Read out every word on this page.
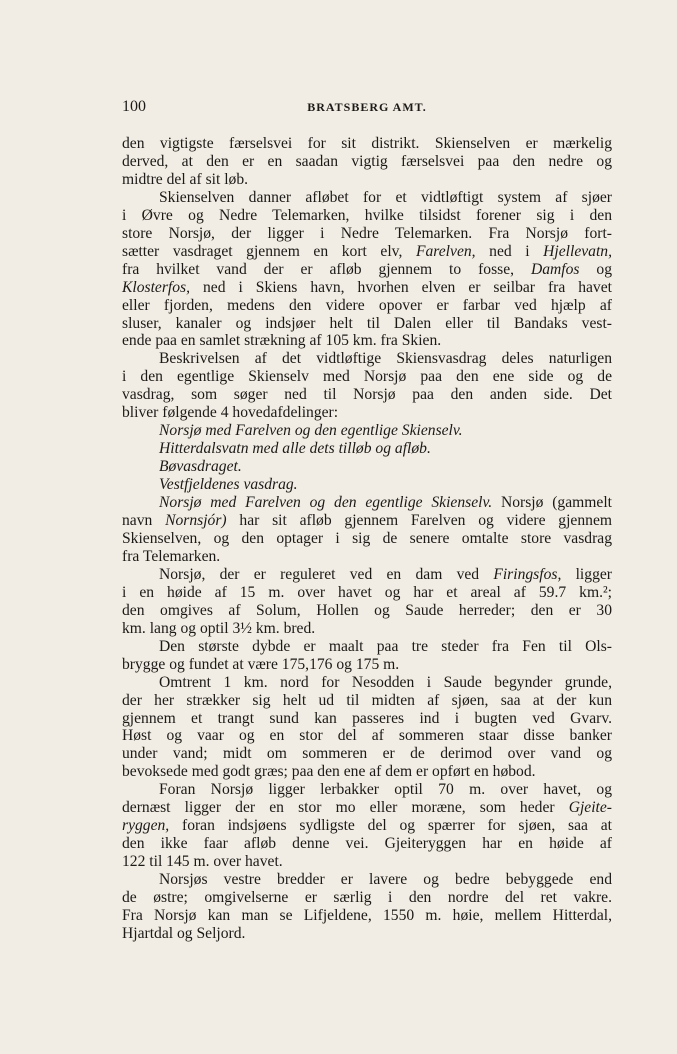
100	BRATSBERG AMT.
den vigtigste færselsvei for sit distrikt. Skienselven er mærkelig
derved, at den er en saadan vigtig færselsvei paa den nedre og
midtre del af sit løb.
Skienselven danner afløbet for et vidtløftigt system af sjøer
i Øvre og Nedre Telemarken, hvilke tilsidst forener sig i den
store Norsjø, der ligger i Nedre Telemarken. Fra Norsjø fort-
sætter vasdraget gjennem en kort elv, Farelven, ned i Hjellevatn,
fra hvilket vand der er afløb gjennem to fosse, Damfos og
Klosterfos, ned i Skiens havn, hvorhen elven er seilbar fra havet
eller fjorden, medens den videre opover er farbar ved hjælp af
sluser, kanaler og indsjøer helt til Dalen eller til Bandaks vest-
ende paa en samlet strækning af 105 km. fra Skien.
Beskrivelsen af det vidtløftige Skiensvasdrag deles naturligen
i den egentlige Skienselv med Norsjø paa den ene side og de
vasdrag, som søger ned til Norsjø paa den anden side. Det
bliver følgende 4 hovedafdelinger:
Norsjø med Farelven og den egentlige Skienselv.
Hitterdalsvatn med alle dets tilløb og afløb.
Bøvasdraget.
Vestfjeldenes vasdrag.
Norsjø med Farelven og den egentlige Skienselv. Norsjø (gammelt
navn Nornsjór) har sit afløb gjennem Farelven og videre gjennem
Skienselven, og den optager i sig de senere omtalte store vasdrag
fra Telemarken.
Norsjø, der er reguleret ved en dam ved Firingsfos, ligger
i en høide af 15 m. over havet og har et areal af 59.7 km.²;
den omgives af Solum, Hollen og Saude herreder; den er 30
km. lang og optil 3½ km. bred.
Den største dybde er maalt paa tre steder fra Fen til Ols-
brygge og fundet at være 175,176 og 175 m.
Omtrent 1 km. nord for Nesodden i Saude begynder grunde,
der her strækker sig helt ud til midten af sjøen, saa at der kun
gjennem et trangt sund kan passeres ind i bugten ved Gvarv.
Høst og vaar og en stor del af sommeren staar disse banker
under vand; midt om sommeren er de derimod over vand og
bevoksede med godt græs; paa den ene af dem er opført en høbod.
Foran Norsjø ligger lerbakker optil 70 m. over havet, og
dernæst ligger der en stor mo eller moræne, som heder Gjeite-
ryggen, foran indsjøens sydligste del og spærrer for sjøen, saa at
den ikke faar afløb denne vei. Gjeiteryggen har en høide af
122 til 145 m. over havet.
Norsjøs vestre bredder er lavere og bedre bebyggede end
de østre; omgivelserne er særlig i den nordre del ret vakre.
Fra Norsjø kan man se Lifjeldene, 1550 m. høie, mellem Hitterdal,
Hjartdal og Seljord.
